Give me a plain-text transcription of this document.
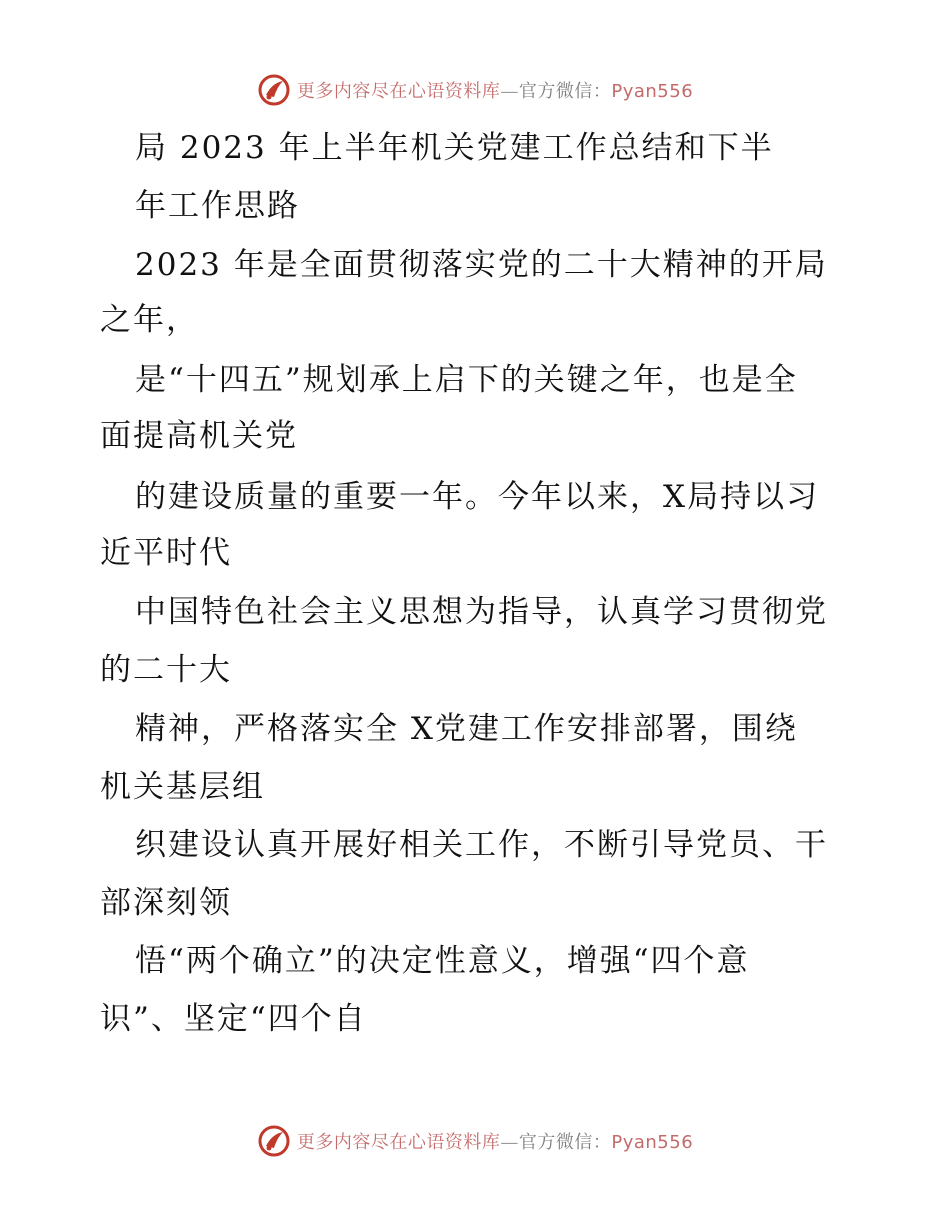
更多内容尽在心语资料库—官方微信：Pyan556
局 2023 年上半年机关党建工作总结和下半
年工作思路
2023 年是全面贯彻落实党的二十大精神的开局
之年，
是“十四五”规划承上启下的关键之年，也是全
面提高机关党
的建设质量的重要一年。今年以来，X局持以习
近平时代
中国特色社会主义思想为指导，认真学习贯彻党
的二十大
精神，严格落实全 X党建工作安排部署，围绕
机关基层组
织建设认真开展好相关工作，不断引导党员、干
部深刻领
悟“两个确立”的决定性意义，增强“四个意
识”、坚定“四个自
更多内容尽在心语资料库—官方微信：Pyan556
